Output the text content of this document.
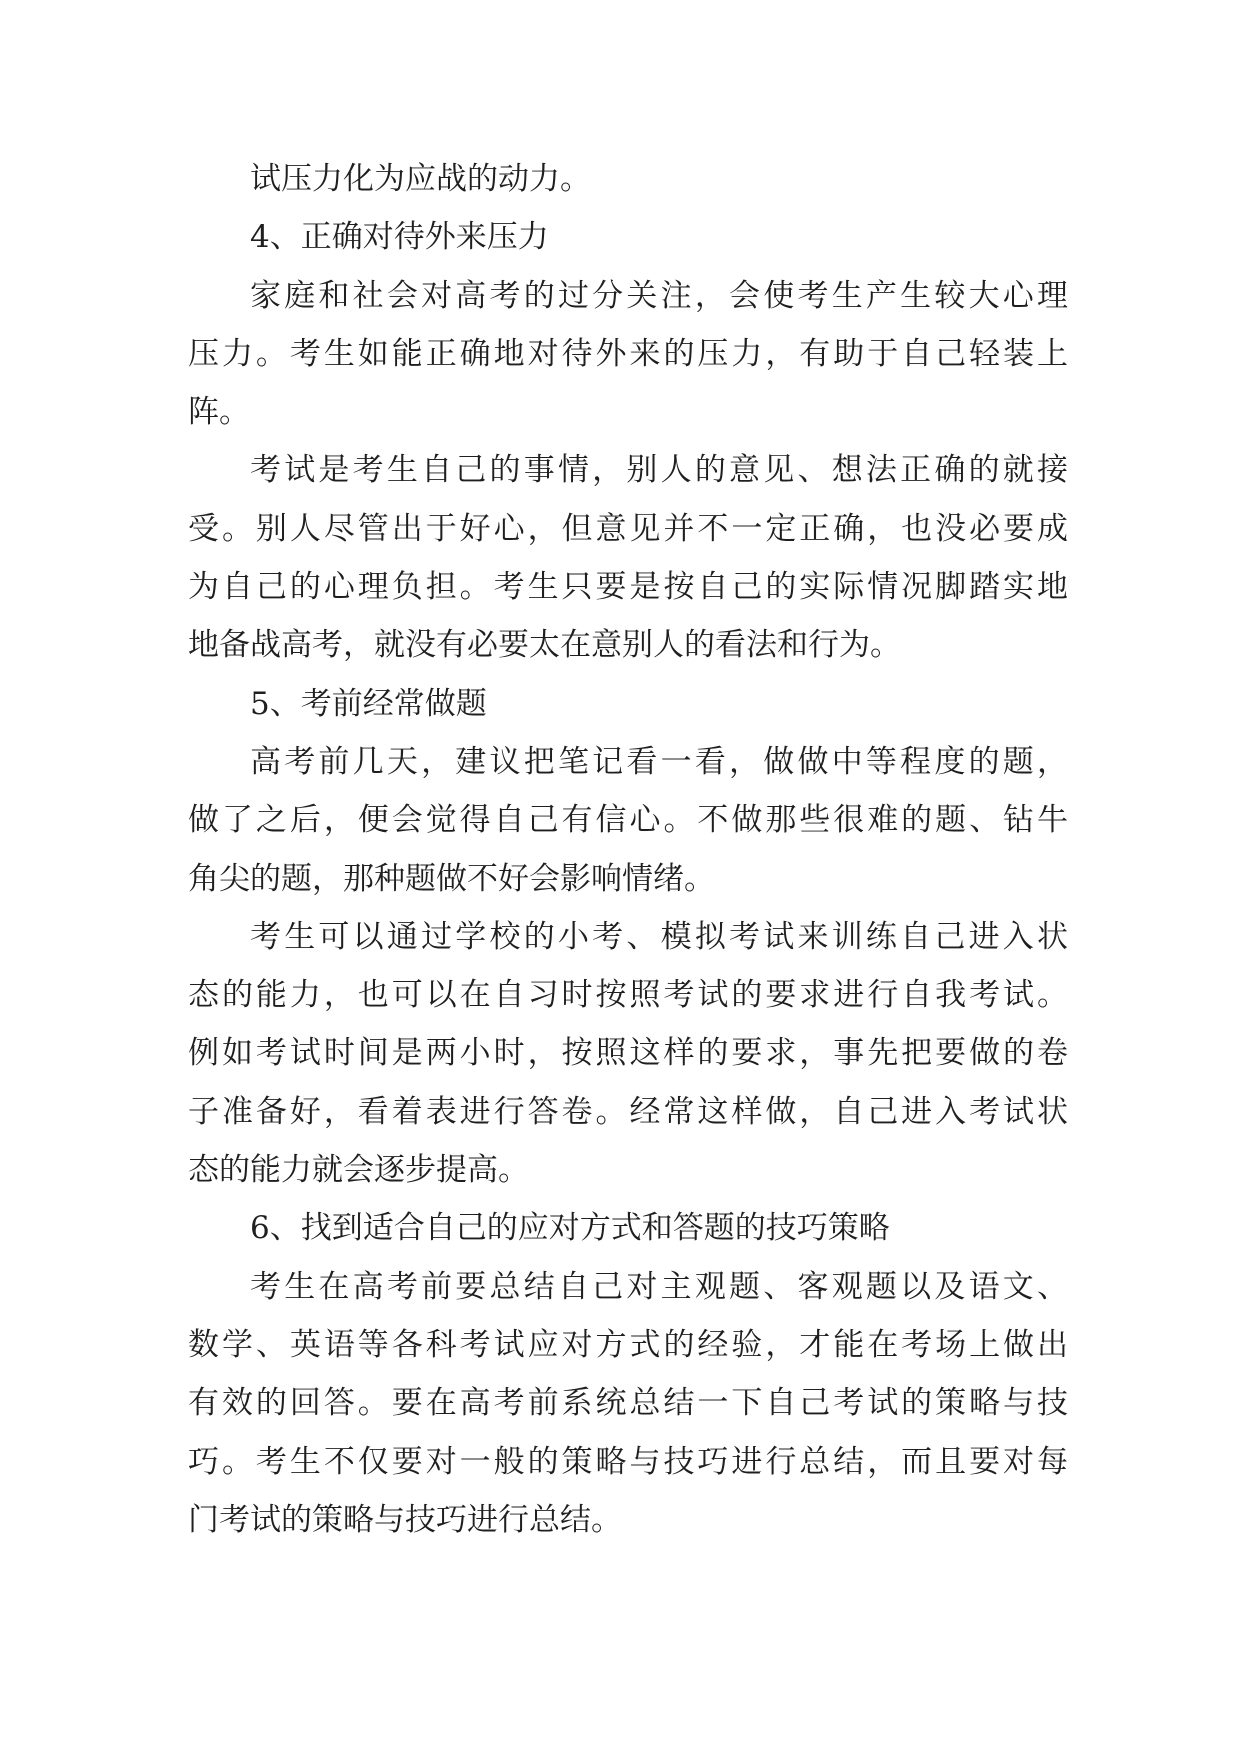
试压力化为应战的动力。
4、正确对待外来压力
家庭和社会对高考的过分关注，会使考生产生较大心理
压力。考生如能正确地对待外来的压力，有助于自己轻装上
阵。
考试是考生自己的事情，别人的意见、想法正确的就接
受。别人尽管出于好心，但意见并不一定正确，也没必要成
为自己的心理负担。考生只要是按自己的实际情况脚踏实地
地备战高考，就没有必要太在意别人的看法和行为。
5、考前经常做题
高考前几天，建议把笔记看一看，做做中等程度的题，
做了之后，便会觉得自己有信心。不做那些很难的题、钻牛
角尖的题，那种题做不好会影响情绪。
考生可以通过学校的小考、模拟考试来训练自己进入状
态的能力，也可以在自习时按照考试的要求进行自我考试。
例如考试时间是两小时，按照这样的要求，事先把要做的卷
子准备好，看着表进行答卷。经常这样做，自己进入考试状
态的能力就会逐步提高。
6、找到适合自己的应对方式和答题的技巧策略
考生在高考前要总结自己对主观题、客观题以及语文、
数学、英语等各科考试应对方式的经验，才能在考场上做出
有效的回答。要在高考前系统总结一下自己考试的策略与技
巧。考生不仅要对一般的策略与技巧进行总结，而且要对每
门考试的策略与技巧进行总结。
